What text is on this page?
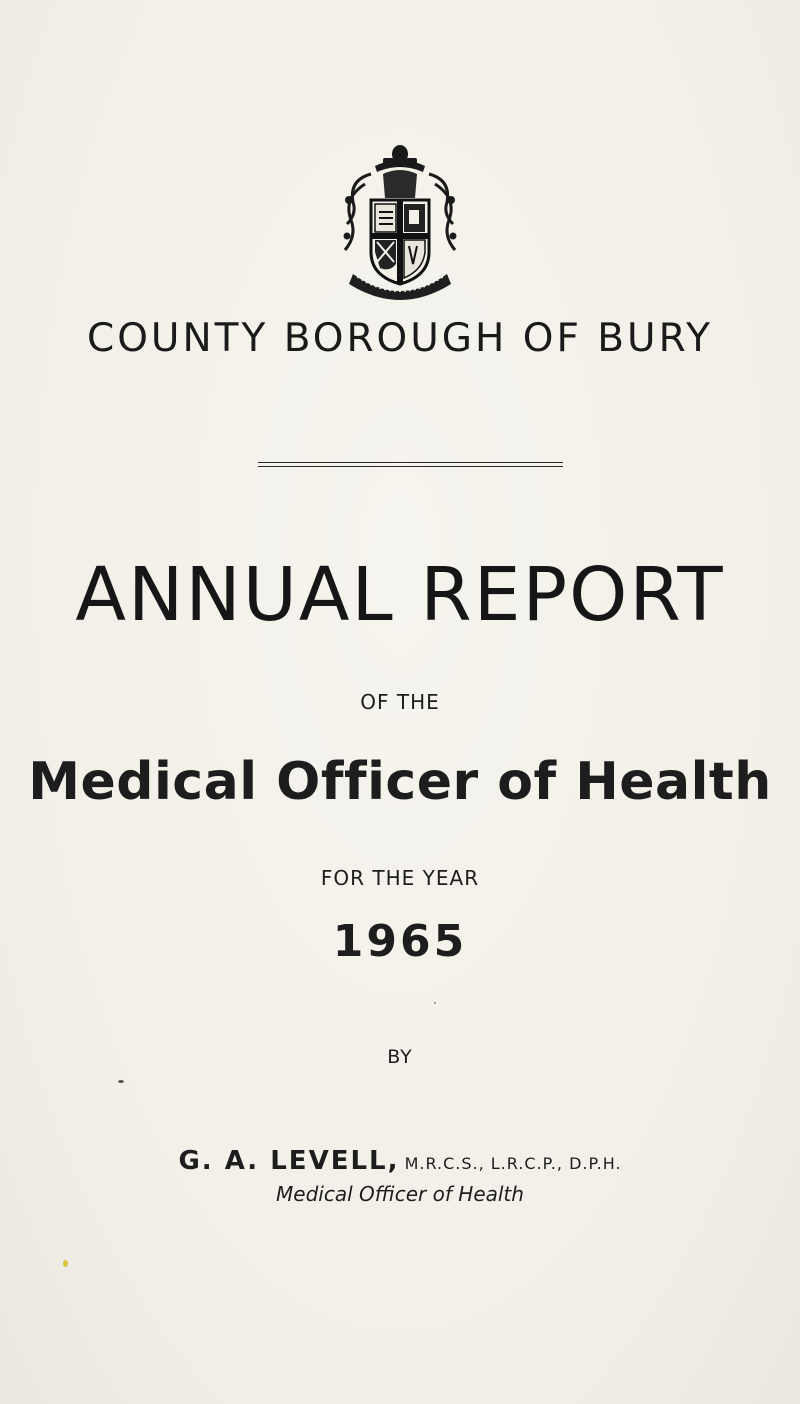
COUNTY BOROUGH OF BURY
ANNUAL REPORT
OF THE
Medical Officer of Health
FOR THE YEAR
1965
BY
G. A. LEVELL, M.R.C.S., L.R.C.P., D.P.H.
Medical Officer of Health
